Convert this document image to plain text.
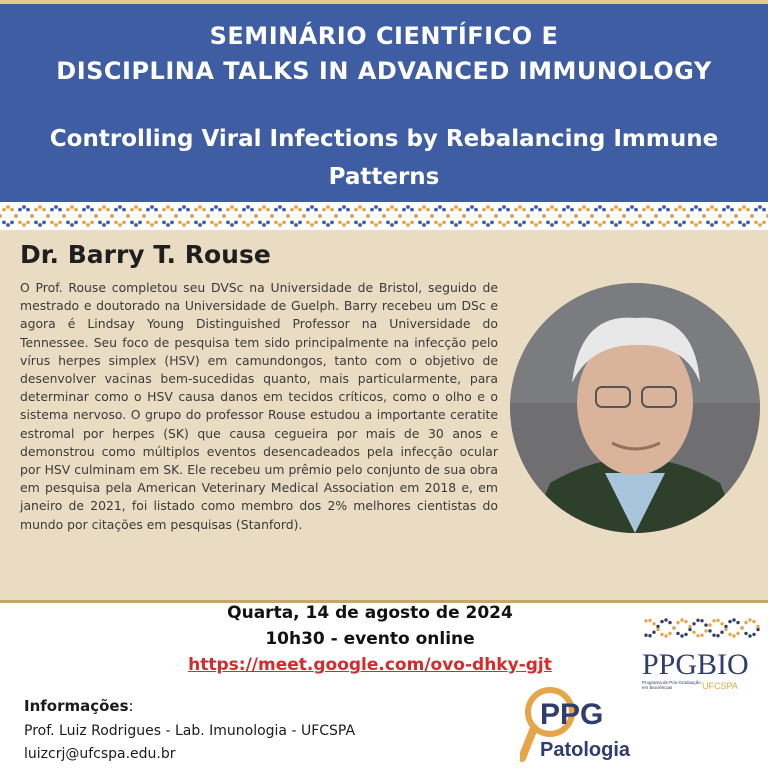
SEMINÁRIO CIENTÍFICO E
DISCIPLINA TALKS IN ADVANCED IMMUNOLOGY
Controlling Viral Infections by Rebalancing Immune Patterns
Dr. Barry T. Rouse
O Prof. Rouse completou seu DVSc na Universidade de Bristol, seguido de mestrado e doutorado na Universidade de Guelph. Barry recebeu um DSc e agora é Lindsay Young Distinguished Professor na Universidade do Tennessee. Seu foco de pesquisa tem sido principalmente na infecção pelo vírus herpes simplex (HSV) em camundongos, tanto com o objetivo de desenvolver vacinas bem-sucedidas quanto, mais particularmente, para determinar como o HSV causa danos em tecidos críticos, como o olho e o sistema nervoso. O grupo do professor Rouse estudou a importante ceratite estromal por herpes (SK) que causa cegueira por mais de 30 anos e demonstrou como múltiplos eventos desencadeados pela infecção ocular por HSV culminam em SK. Ele recebeu um prêmio pelo conjunto de sua obra em pesquisa pela American Veterinary Medical Association em 2018 e, em janeiro de 2021, foi listado como membro dos 2% melhores cientistas do mundo por citações em pesquisas (Stanford).
Quarta, 14 de agosto de 2024
10h30 - evento online
https://meet.google.com/ovo-dhky-gjt
Informações:
Prof. Luiz Rodrigues - Lab. Imunologia - UFCSPA
luizcrj@ufcspa.edu.br
PPG
Patologia
PPGBIO
Programa de Pós-Graduação
em Biociências	UFCSPA
